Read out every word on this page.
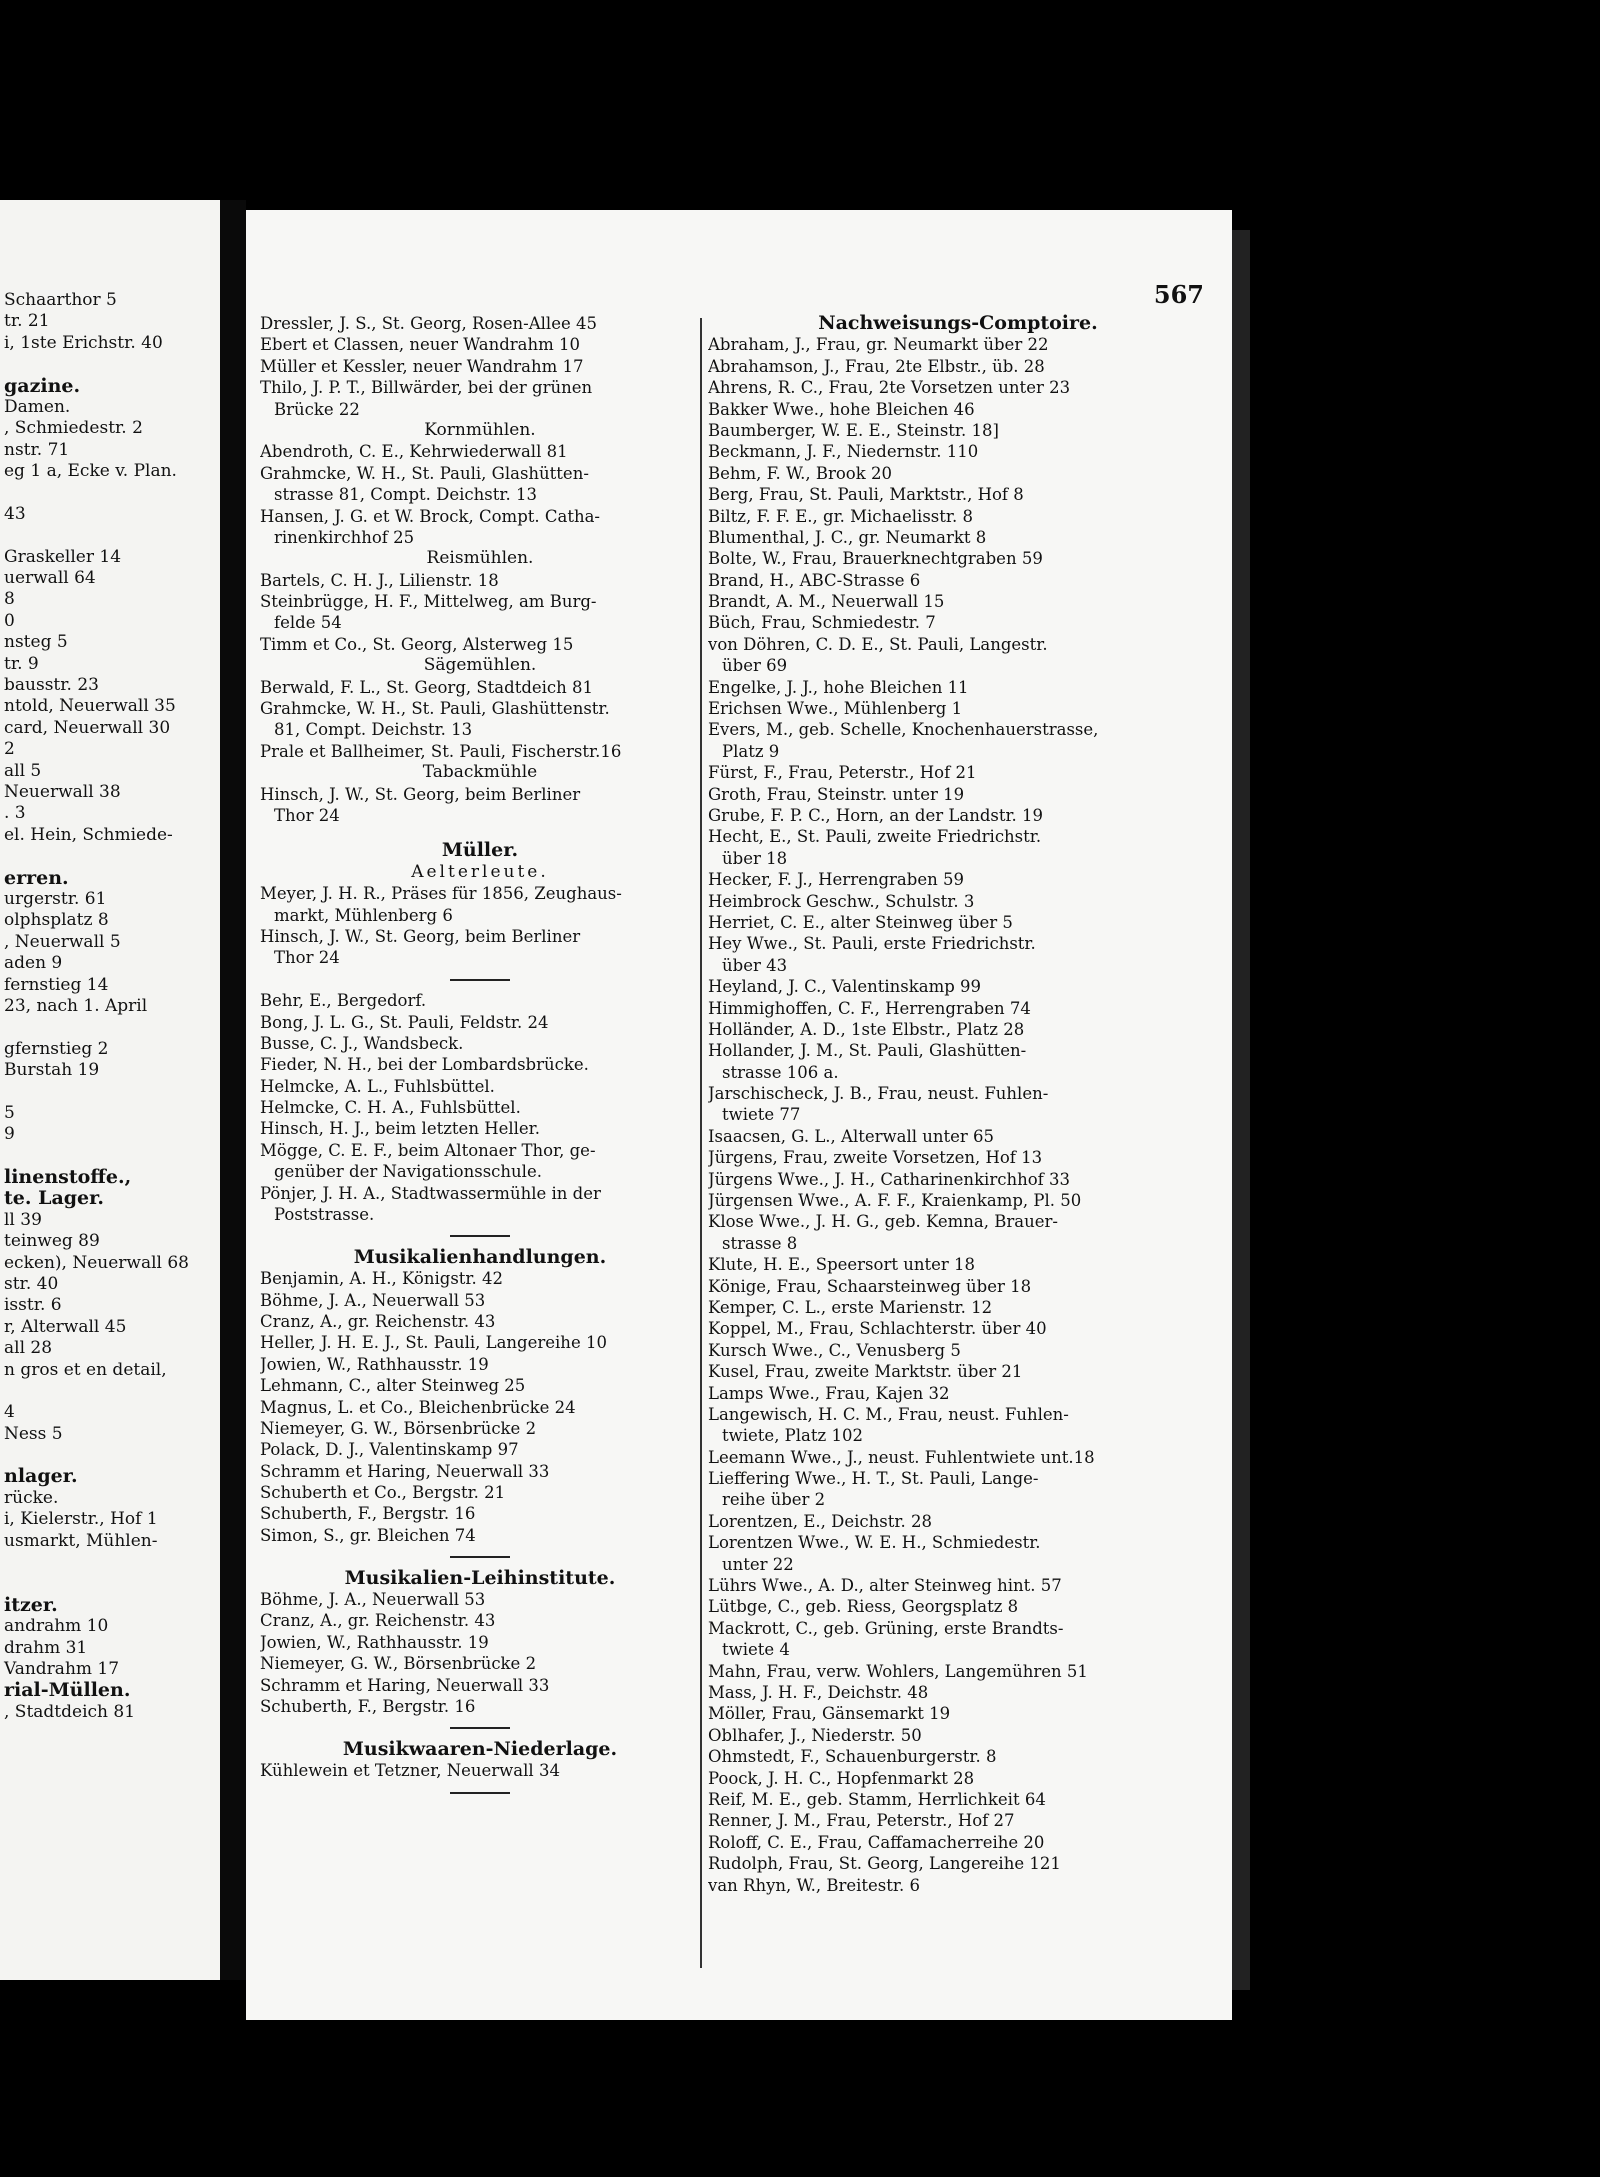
Schaarthor 5
tr. 21
i, 1ste Erichstr. 40
gazine.
Damen.
, Schmiedestr. 2
nstr. 71
eg 1 a, Ecke v. Plan.
43
Graskeller 14
uerwall 64
8
0
nsteg 5
tr. 9
bausstr. 23
ntold, Neuerwall 35
card, Neuerwall 30
2
all 5
Neuerwall 38
. 3
el. Hein, Schmiede-
erren.
urgerstr. 61
olphsplatz 8
, Neuerwall 5
aden 9
fernstieg 14
23, nach 1. April
gfernstieg 2
Burstah 19
5
9
linenstoffe.,
te. Lager.
ll 39
teinweg 89
ecken), Neuerwall 68
str. 40
isstr. 6
r, Alterwall 45
all 28
n gros et en detail,
4
Ness 5
nlager.
rücke.
i, Kielerstr., Hof 1
usmarkt, Mühlen-
itzer.
andrahm 10
drahm 31
Vandrahm 17
rial-Müllen.
, Stadtdeich 81
567
Dressler, J. S., St. Georg, Rosen-Allee 45
Ebert et Classen, neuer Wandrahm 10
Müller et Kessler, neuer Wandrahm 17
Thilo, J. P. T., Billwärder, bei der grünen
Brücke 22
Kornmühlen.
Abendroth, C. E., Kehrwiederwall 81
Grahmcke, W. H., St. Pauli, Glashütten-
strasse 81, Compt. Deichstr. 13
Hansen, J. G. et W. Brock, Compt. Catha-
rinenkirchhof 25
Reismühlen.
Bartels, C. H. J., Lilienstr. 18
Steinbrügge, H. F., Mittelweg, am Burg-
felde 54
Timm et Co., St. Georg, Alsterweg 15
Sägemühlen.
Berwald, F. L., St. Georg, Stadtdeich 81
Grahmcke, W. H., St. Pauli, Glashüttenstr.
81, Compt. Deichstr. 13
Prale et Ballheimer, St. Pauli, Fischerstr.16
Tabackmühle
Hinsch, J. W., St. Georg, beim Berliner
Thor 24
Müller.
Aelterleute.
Meyer, J. H. R., Präses für 1856, Zeughaus-
markt, Mühlenberg 6
Hinsch, J. W., St. Georg, beim Berliner
Thor 24
Behr, E., Bergedorf.
Bong, J. L. G., St. Pauli, Feldstr. 24
Busse, C. J., Wandsbeck.
Fieder, N. H., bei der Lombardsbrücke.
Helmcke, A. L., Fuhlsbüttel.
Helmcke, C. H. A., Fuhlsbüttel.
Hinsch, H. J., beim letzten Heller.
Mögge, C. E. F., beim Altonaer Thor, ge-
genüber der Navigationsschule.
Pönjer, J. H. A., Stadtwassermühle in der
Poststrasse.
Musikalienhandlungen.
Benjamin, A. H., Königstr. 42
Böhme, J. A., Neuerwall 53
Cranz, A., gr. Reichenstr. 43
Heller, J. H. E. J., St. Pauli, Langereihe 10
Jowien, W., Rathhausstr. 19
Lehmann, C., alter Steinweg 25
Magnus, L. et Co., Bleichenbrücke 24
Niemeyer, G. W., Börsenbrücke 2
Polack, D. J., Valentinskamp 97
Schramm et Haring, Neuerwall 33
Schuberth et Co., Bergstr. 21
Schuberth, F., Bergstr. 16
Simon, S., gr. Bleichen 74
Musikalien-Leihinstitute.
Böhme, J. A., Neuerwall 53
Cranz, A., gr. Reichenstr. 43
Jowien, W., Rathhausstr. 19
Niemeyer, G. W., Börsenbrücke 2
Schramm et Haring, Neuerwall 33
Schuberth, F., Bergstr. 16
Musikwaaren-Niederlage.
Kühlewein et Tetzner, Neuerwall 34
Nachweisungs-Comptoire.
Abraham, J., Frau, gr. Neumarkt über 22
Abrahamson, J., Frau, 2te Elbstr., üb. 28
Ahrens, R. C., Frau, 2te Vorsetzen unter 23
Bakker Wwe., hohe Bleichen 46
Baumberger, W. E. E., Steinstr. 18]
Beckmann, J. F., Niedernstr. 110
Behm, F. W., Brook 20
Berg, Frau, St. Pauli, Marktstr., Hof 8
Biltz, F. F. E., gr. Michaelisstr. 8
Blumenthal, J. C., gr. Neumarkt 8
Bolte, W., Frau, Brauerknechtgraben 59
Brand, H., ABC-Strasse 6
Brandt, A. M., Neuerwall 15
Büch, Frau, Schmiedestr. 7
von Döhren, C. D. E., St. Pauli, Langestr.
über 69
Engelke, J. J., hohe Bleichen 11
Erichsen Wwe., Mühlenberg 1
Evers, M., geb. Schelle, Knochenhauerstrasse,
Platz 9
Fürst, F., Frau, Peterstr., Hof 21
Groth, Frau, Steinstr. unter 19
Grube, F. P. C., Horn, an der Landstr. 19
Hecht, E., St. Pauli, zweite Friedrichstr.
über 18
Hecker, F. J., Herrengraben 59
Heimbrock Geschw., Schulstr. 3
Herriet, C. E., alter Steinweg über 5
Hey Wwe., St. Pauli, erste Friedrichstr.
über 43
Heyland, J. C., Valentinskamp 99
Himmighoffen, C. F., Herrengraben 74
Holländer, A. D., 1ste Elbstr., Platz 28
Hollander, J. M., St. Pauli, Glashütten-
strasse 106 a.
Jarschischeck, J. B., Frau, neust. Fuhlen-
twiete 77
Isaacsen, G. L., Alterwall unter 65
Jürgens, Frau, zweite Vorsetzen, Hof 13
Jürgens Wwe., J. H., Catharinenkirchhof 33
Jürgensen Wwe., A. F. F., Kraienkamp, Pl. 50
Klose Wwe., J. H. G., geb. Kemna, Brauer-
strasse 8
Klute, H. E., Speersort unter 18
Könige, Frau, Schaarsteinweg über 18
Kemper, C. L., erste Marienstr. 12
Koppel, M., Frau, Schlachterstr. über 40
Kursch Wwe., C., Venusberg 5
Kusel, Frau, zweite Marktstr. über 21
Lamps Wwe., Frau, Kajen 32
Langewisch, H. C. M., Frau, neust. Fuhlen-
twiete, Platz 102
Leemann Wwe., J., neust. Fuhlentwiete unt.18
Lieffering Wwe., H. T., St. Pauli, Lange-
reihe über 2
Lorentzen, E., Deichstr. 28
Lorentzen Wwe., W. E. H., Schmiedestr.
unter 22
Lührs Wwe., A. D., alter Steinweg hint. 57
Lütbge, C., geb. Riess, Georgsplatz 8
Mackrott, C., geb. Grüning, erste Brandts-
twiete 4
Mahn, Frau, verw. Wohlers, Langemühren 51
Mass, J. H. F., Deichstr. 48
Möller, Frau, Gänsemarkt 19
Oblhafer, J., Niederstr. 50
Ohmstedt, F., Schauenburgerstr. 8
Poock, J. H. C., Hopfenmarkt 28
Reif, M. E., geb. Stamm, Herrlichkeit 64
Renner, J. M., Frau, Peterstr., Hof 27
Roloff, C. E., Frau, Caffamacherreihe 20
Rudolph, Frau, St. Georg, Langereihe 121
van Rhyn, W., Breitestr. 6
